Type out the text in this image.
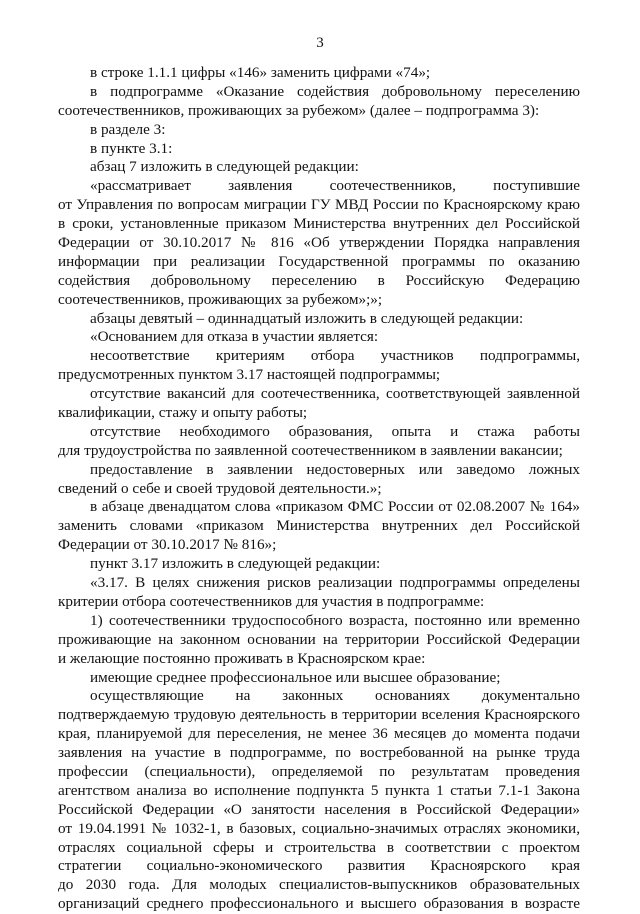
3
в строке 1.1.1 цифры «146» заменить цифрами «74»;
в подпрограмме «Оказание содействия добровольному переселению
соотечественников, проживающих за рубежом» (далее – подпрограмма 3):
в разделе 3:
в пункте 3.1:
абзац 7 изложить в следующей редакции:
«рассматривает заявления соотечественников, поступившие
от Управления по вопросам миграции ГУ МВД России по Красноярскому краю
в сроки, установленные приказом Министерства внутренних дел Российской
Федерации от 30.10.2017 № 816 «Об утверждении Порядка направления
информации при реализации Государственной программы по оказанию
содействия добровольному переселению в Российскую Федерацию
соотечественников, проживающих за рубежом»;»;
абзацы девятый – одиннадцатый изложить в следующей редакции:
«Основанием для отказа в участии является:
несоответствие критериям отбора участников подпрограммы,
предусмотренных пунктом 3.17 настоящей подпрограммы;
отсутствие вакансий для соотечественника, соответствующей заявленной
квалификации, стажу и опыту работы;
отсутствие необходимого образования, опыта и стажа работы
для трудоустройства по заявленной соотечественником в заявлении вакансии;
предоставление в заявлении недостоверных или заведомо ложных
сведений о себе и своей трудовой деятельности.»;
в абзаце двенадцатом слова «приказом ФМС России от 02.08.2007 № 164»
заменить словами «приказом Министерства внутренних дел Российской
Федерации от 30.10.2017 № 816»;
пункт 3.17 изложить в следующей редакции:
«3.17. В целях снижения рисков реализации подпрограммы определены
критерии отбора соотечественников для участия в подпрограмме:
1) соотечественники трудоспособного возраста, постоянно или временно
проживающие на законном основании на территории Российской Федерации
и желающие постоянно проживать в Красноярском крае:
имеющие среднее профессиональное или высшее образование;
осуществляющие на законных основаниях документально
подтверждаемую трудовую деятельность в территории вселения Красноярского
края, планируемой для переселения, не менее 36 месяцев до момента подачи
заявления на участие в подпрограмме, по востребованной на рынке труда
профессии (специальности), определяемой по результатам проведения
агентством анализа во исполнение подпункта 5 пункта 1 статьи 7.1-1 Закона
Российской Федерации «О занятости населения в Российской Федерации»
от 19.04.1991 № 1032-1, в базовых, социально-значимых отраслях экономики,
отраслях социальной сферы и строительства в соответствии с проектом
стратегии социально-экономического развития Красноярского края
до 2030 года. Для молодых специалистов-выпускников образовательных
организаций среднего профессионального и высшего образования в возрасте
